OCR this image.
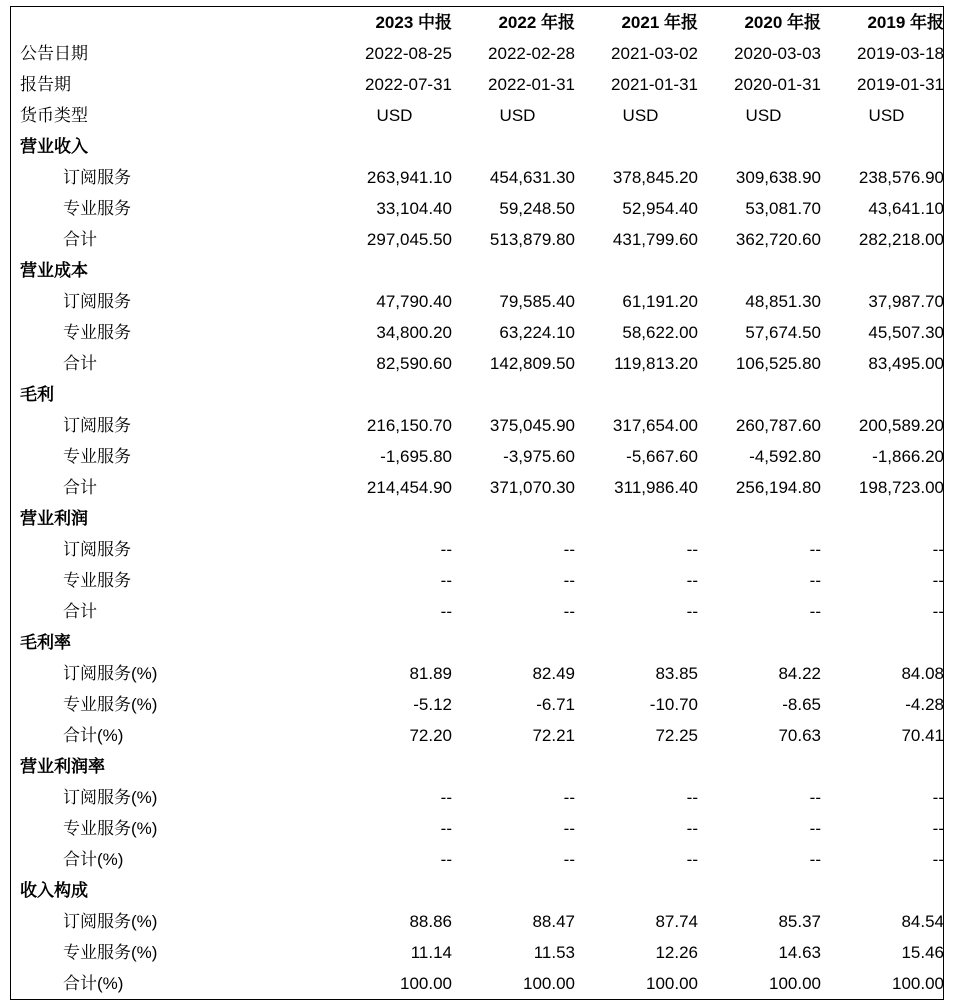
	2023 中报	2022 年报	2021 年报	2020 年报	2019 年报
公告日期	2022-08-25	2022-02-28	2021-03-02	2020-03-03	2019-03-18
报告期	2022-07-31	2022-01-31	2021-01-31	2020-01-31	2019-01-31
货币类型	USD	USD	USD	USD	USD
营业收入					
订阅服务	263,941.10	454,631.30	378,845.20	309,638.90	238,576.90
专业服务	33,104.40	59,248.50	52,954.40	53,081.70	43,641.10
合计	297,045.50	513,879.80	431,799.60	362,720.60	282,218.00
营业成本					
订阅服务	47,790.40	79,585.40	61,191.20	48,851.30	37,987.70
专业服务	34,800.20	63,224.10	58,622.00	57,674.50	45,507.30
合计	82,590.60	142,809.50	119,813.20	106,525.80	83,495.00
毛利					
订阅服务	216,150.70	375,045.90	317,654.00	260,787.60	200,589.20
专业服务	-1,695.80	-3,975.60	-5,667.60	-4,592.80	-1,866.20
合计	214,454.90	371,070.30	311,986.40	256,194.80	198,723.00
营业利润					
订阅服务	--	--	--	--	--
专业服务	--	--	--	--	--
合计	--	--	--	--	--
毛利率					
订阅服务(%)	81.89	82.49	83.85	84.22	84.08
专业服务(%)	-5.12	-6.71	-10.70	-8.65	-4.28
合计(%)	72.20	72.21	72.25	70.63	70.41
营业利润率					
订阅服务(%)	--	--	--	--	--
专业服务(%)	--	--	--	--	--
合计(%)	--	--	--	--	--
收入构成					
订阅服务(%)	88.86	88.47	87.74	85.37	84.54
专业服务(%)	11.14	11.53	12.26	14.63	15.46
合计(%)	100.00	100.00	100.00	100.00	100.00
